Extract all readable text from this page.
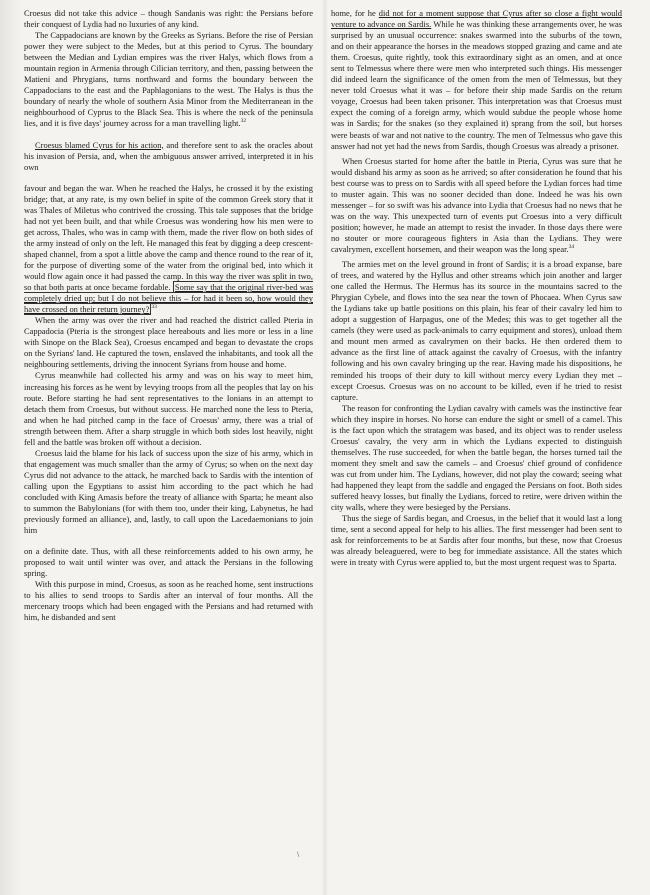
Croesus did not take this advice – though Sandanis was right: the Persians before their conquest of Lydia had no luxuries of any kind.

The Cappadocians are known by the Greeks as Syrians. Before the rise of Persian power they were subject to the Medes, but at this period to Cyrus. The boundary between the Median and Lydian empires was the river Halys, which flows from a mountain region in Armenia through Cilician territory, and then, passing between the Matieni and Phrygians, turns northward and forms the boundary between the Cappadocians to the east and the Paphlagonians to the west. The Halys is thus the boundary of nearly the whole of southern Asia Minor from the Mediterranean in the neighbourhood of Cyprus to the Black Sea. This is where the neck of the peninsula lies, and it is five days' journey across for a man travelling light.$^{32}$

Croesus blamed Cyrus for his action, and therefore sent to ask the oracles about his invasion of Persia, and, when the ambiguous answer arrived, interpreted it in his own

favour and began the war. When he reached the Halys, he crossed it by the existing bridge; that, at any rate, is my own belief in spite of the common Greek story that it was Thales of Miletus who contrived the crossing. This tale supposes that the bridge had not yet been built, and that while Croesus was wondering how his men were to get across, Thales, who was in camp with them, made the river flow on both sides of the army instead of only on the left. He managed this feat by digging a deep crescent-shaped channel, from a spot a little above the camp and thence round to the rear of it, for the purpose of diverting some of the water from the original bed, into which it would flow again once it had passed the camp. In this way the river was split in two, so that both parts at once became fordable. Some say that the original river-bed was completely dried up; but I do not believe this – for had it been so, how would they have crossed on their return journey? $^{33}$

When the army was over the river and had reached the district called Pteria in Cappadocia (Pteria is the strongest place hereabouts and lies more or less in a line with Sinope on the Black Sea), Croesus encamped and began to devastate the crops on the Syrians' land. He captured the town, enslaved the inhabitants, and took all the neighbouring settlements, driving the innocent Syrians from house and home.

Cyrus meanwhile had collected his army and was on his way to meet him, increasing his forces as he went by levying troops from all the peoples that lay on his route. Before starting he had sent representatives to the Ionians in an attempt to detach them from Croesus, but without success. He marched none the less to Pteria, and when he had pitched camp in the face of Croesus' army, there was a trial of strength between them. After a sharp struggle in which both sides lost heavily, night fell and the battle was broken off without a decision.

Croesus laid the blame for his lack of success upon the size of his army, which in that engagement was much smaller than the army of Cyrus; so when on the next day Cyrus did not advance to the attack, he marched back to Sardis with the intention of calling upon the Egyptians to assist him according to the pact which he had concluded with King Amasis before the treaty of alliance with Sparta; he meant also to summon the Babylonians (for with them too, under their king, Labynetus, he had previously formed an alliance), and, lastly, to call upon the Lacedaemonians to join him

on a definite date. Thus, with all these reinforcements added to his own army, he proposed to wait until winter was over, and attack the Persians in the following spring.

With this purpose in mind, Croesus, as soon as he reached home, sent instructions to his allies to send troops to Sardis after an interval of four months. All the mercenary troops which had been engaged with the Persians and had returned with him, he disbanded and sent

home, for he did not for a moment suppose that Cyrus after so close a fight would venture to advance on Sardis. While he was thinking these arrangements over, he was surprised by an unusual occurrence: snakes swarmed into the suburbs of the town, and on their appearance the horses in the meadows stopped grazing and came and ate them. Croesus, quite rightly, took this extraordinary sight as an omen, and at once sent to Telmessus where there were men who interpreted such things. His messenger did indeed learn the significance of the omen from the men of Telmessus, but they never told Croesus what it was – for before their ship made Sardis on the return voyage, Croesus had been taken prisoner. This interpretation was that Croesus must expect the coming of a foreign army, which would subdue the people whose home was in Sardis; for the snakes (so they explained it) sprang from the soil, but horses were beasts of war and not native to the country. The men of Telmessus who gave this answer had not yet had the news from Sardis, though Croesus was already a prisoner.

When Croesus started for home after the battle in Pteria, Cyrus was sure that he would disband his army as soon as he arrived; so after consideration he found that his best course was to press on to Sardis with all speed before the Lydian forces had time to muster again. This was no sooner decided than done. Indeed he was his own messenger – for so swift was his advance into Lydia that Croesus had no news that he was on the way. This unexpected turn of events put Croesus into a very difficult position; however, he made an attempt to resist the invader. In those days there were no stouter or more courageous fighters in Asia than the Lydians. They were cavalrymen, excellent horsemen, and their weapon was the long spear.$^{34}$

The armies met on the level ground in front of Sardis; it is a broad expanse, bare of trees, and watered by the Hyllus and other streams which join another and larger one called the Hermus. The Hermus has its source in the mountains sacred to the Phrygian Cybele, and flows into the sea near the town of Phocaea. When Cyrus saw the Lydians take up battle positions on this plain, his fear of their cavalry led him to adopt a suggestion of Harpagus, one of the Medes; this was to get together all the camels (they were used as pack-animals to carry equipment and stores), unload them and mount men armed as cavalrymen on their backs. He then ordered them to advance as the first line of attack against the cavalry of Croesus, with the infantry following and his own cavalry bringing up the rear. Having made his dispositions, he reminded his troops of their duty to kill without mercy every Lydian they met – except Croesus. Croesus was on no account to be killed, even if he tried to resist capture.

The reason for confronting the Lydian cavalry with camels was the instinctive fear which they inspire in horses. No horse can endure the sight or smell of a camel. This is the fact upon which the stratagem was based, and its object was to render useless Croesus' cavalry, the very arm in which the Lydians expected to distinguish themselves. The ruse succeeded, for when the battle began, the horses turned tail the moment they smelt and saw the camels – and Croesus' chief ground of confidence was cut from under him. The Lydians, however, did not play the coward; seeing what had happened they leapt from the saddle and engaged the Persians on foot. Both sides suffered heavy losses, but finally the Lydians, forced to retire, were driven within the city walls, where they were besieged by the Persians.

Thus the siege of Sardis began, and Croesus, in the belief that it would last a long time, sent a second appeal for help to his allies. The first messenger had been sent to ask for reinforcements to be at Sardis after four months, but these, now that Croesus was already beleaguered, were to beg for immediate assistance. All the states which were in treaty with Cyrus were applied to, but the most urgent request was to Sparta.

\
